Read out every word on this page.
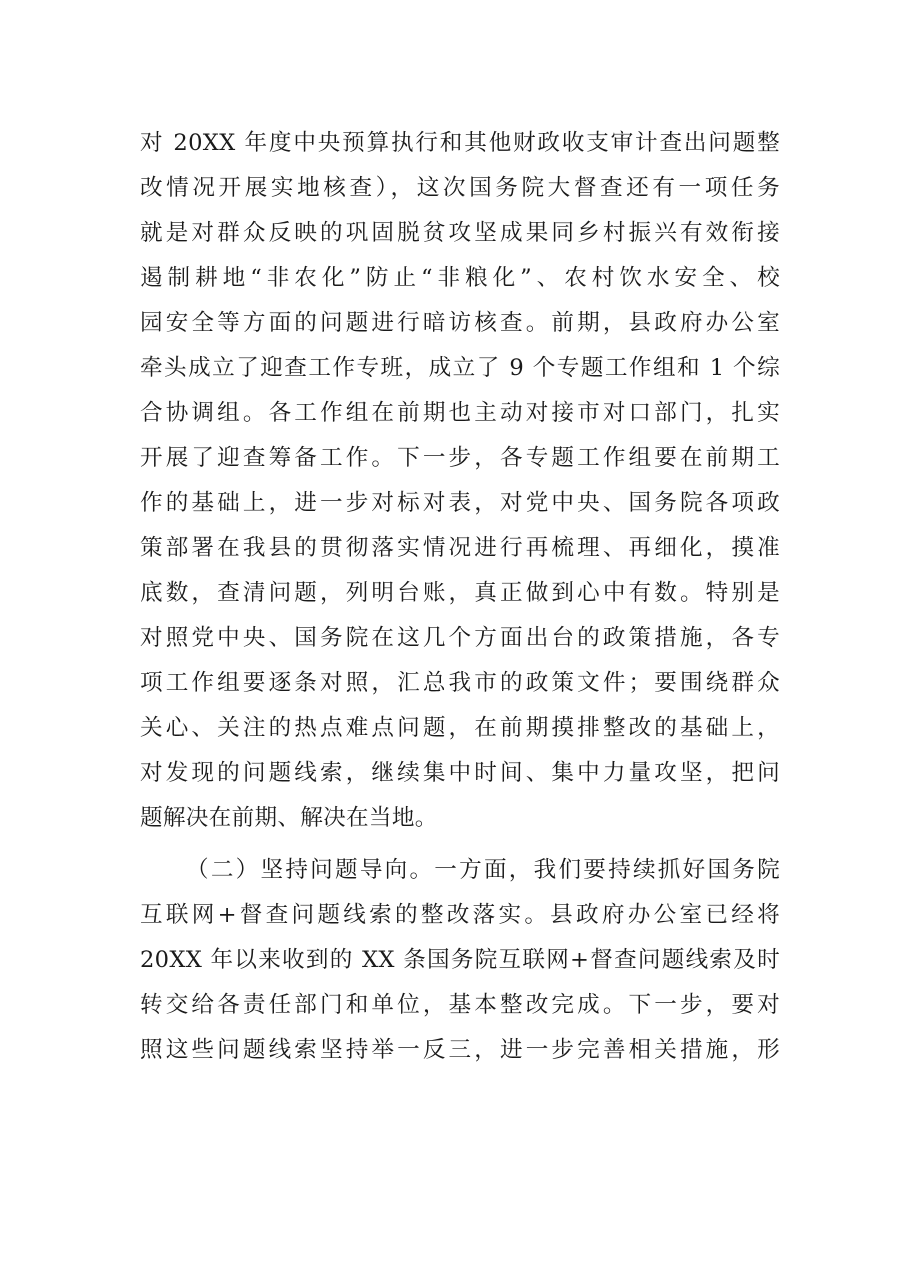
对 20XX 年度中央预算执行和其他财政收支审计查出问题整
改情况开展实地核查），这次国务院大督查还有一项任务
就是对群众反映的巩固脱贫攻坚成果同乡村振兴有效衔接
遏制耕地“非农化”防止“非粮化”、农村饮水安全、校
园安全等方面的问题进行暗访核查。前期，县政府办公室
牵头成立了迎查工作专班，成立了 9 个专题工作组和 1 个综
合协调组。各工作组在前期也主动对接市对口部门，扎实
开展了迎查筹备工作。下一步，各专题工作组要在前期工
作的基础上，进一步对标对表，对党中央、国务院各项政
策部署在我县的贯彻落实情况进行再梳理、再细化，摸准
底数，查清问题，列明台账，真正做到心中有数。特别是
对照党中央、国务院在这几个方面出台的政策措施，各专
项工作组要逐条对照，汇总我市的政策文件；要围绕群众
关心、关注的热点难点问题，在前期摸排整改的基础上，
对发现的问题线索，继续集中时间、集中力量攻坚，把问
题解决在前期、解决在当地。
（二）坚持问题导向。一方面，我们要持续抓好国务院
互联网+督查问题线索的整改落实。县政府办公室已经将
20XX 年以来收到的 XX 条国务院互联网+督查问题线索及时
转交给各责任部门和单位，基本整改完成。下一步，要对
照这些问题线索坚持举一反三，进一步完善相关措施，形
